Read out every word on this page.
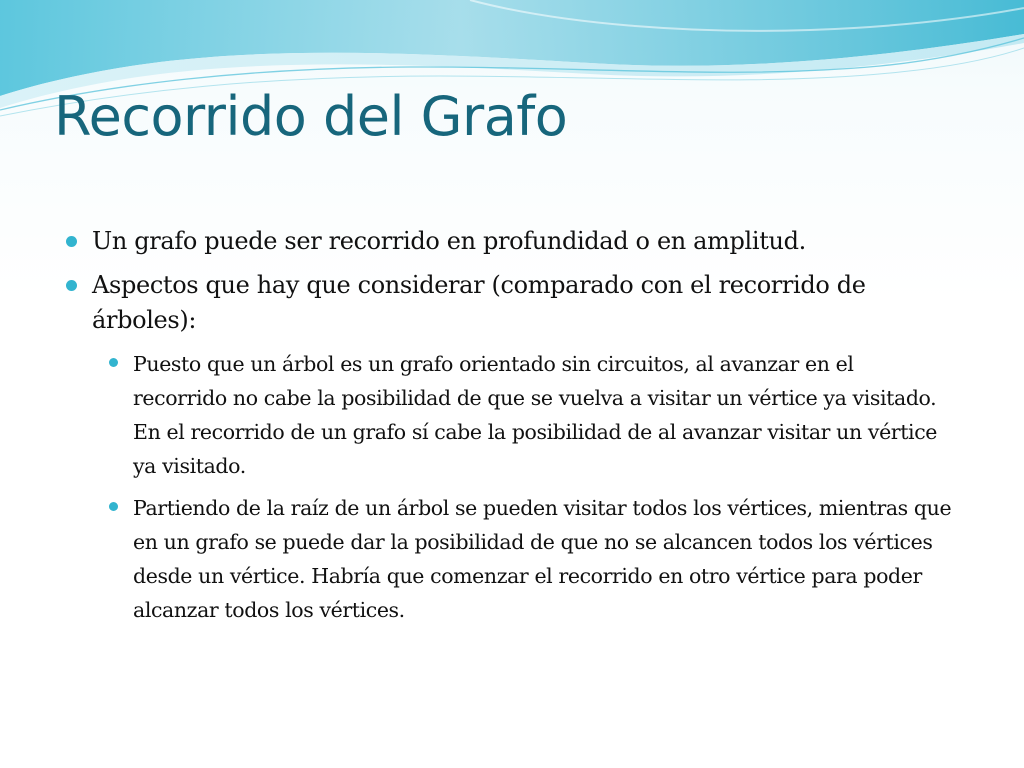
Recorrido del Grafo
Un grafo puede ser recorrido en profundidad o en amplitud.
Aspectos que hay que considerar (comparado con el recorrido de árboles):
Puesto que un árbol es un grafo orientado sin circuitos, al avanzar en el recorrido no cabe la posibilidad de que se vuelva a visitar un vértice ya visitado. En el recorrido de un grafo sí cabe la posibilidad de al avanzar visitar un vértice ya visitado.
Partiendo de la raíz de un árbol se pueden visitar todos los vértices, mientras que en un grafo se puede dar la posibilidad de que no se alcancen todos los vértices desde un vértice. Habría que comenzar el recorrido en otro vértice para poder alcanzar todos los vértices.
